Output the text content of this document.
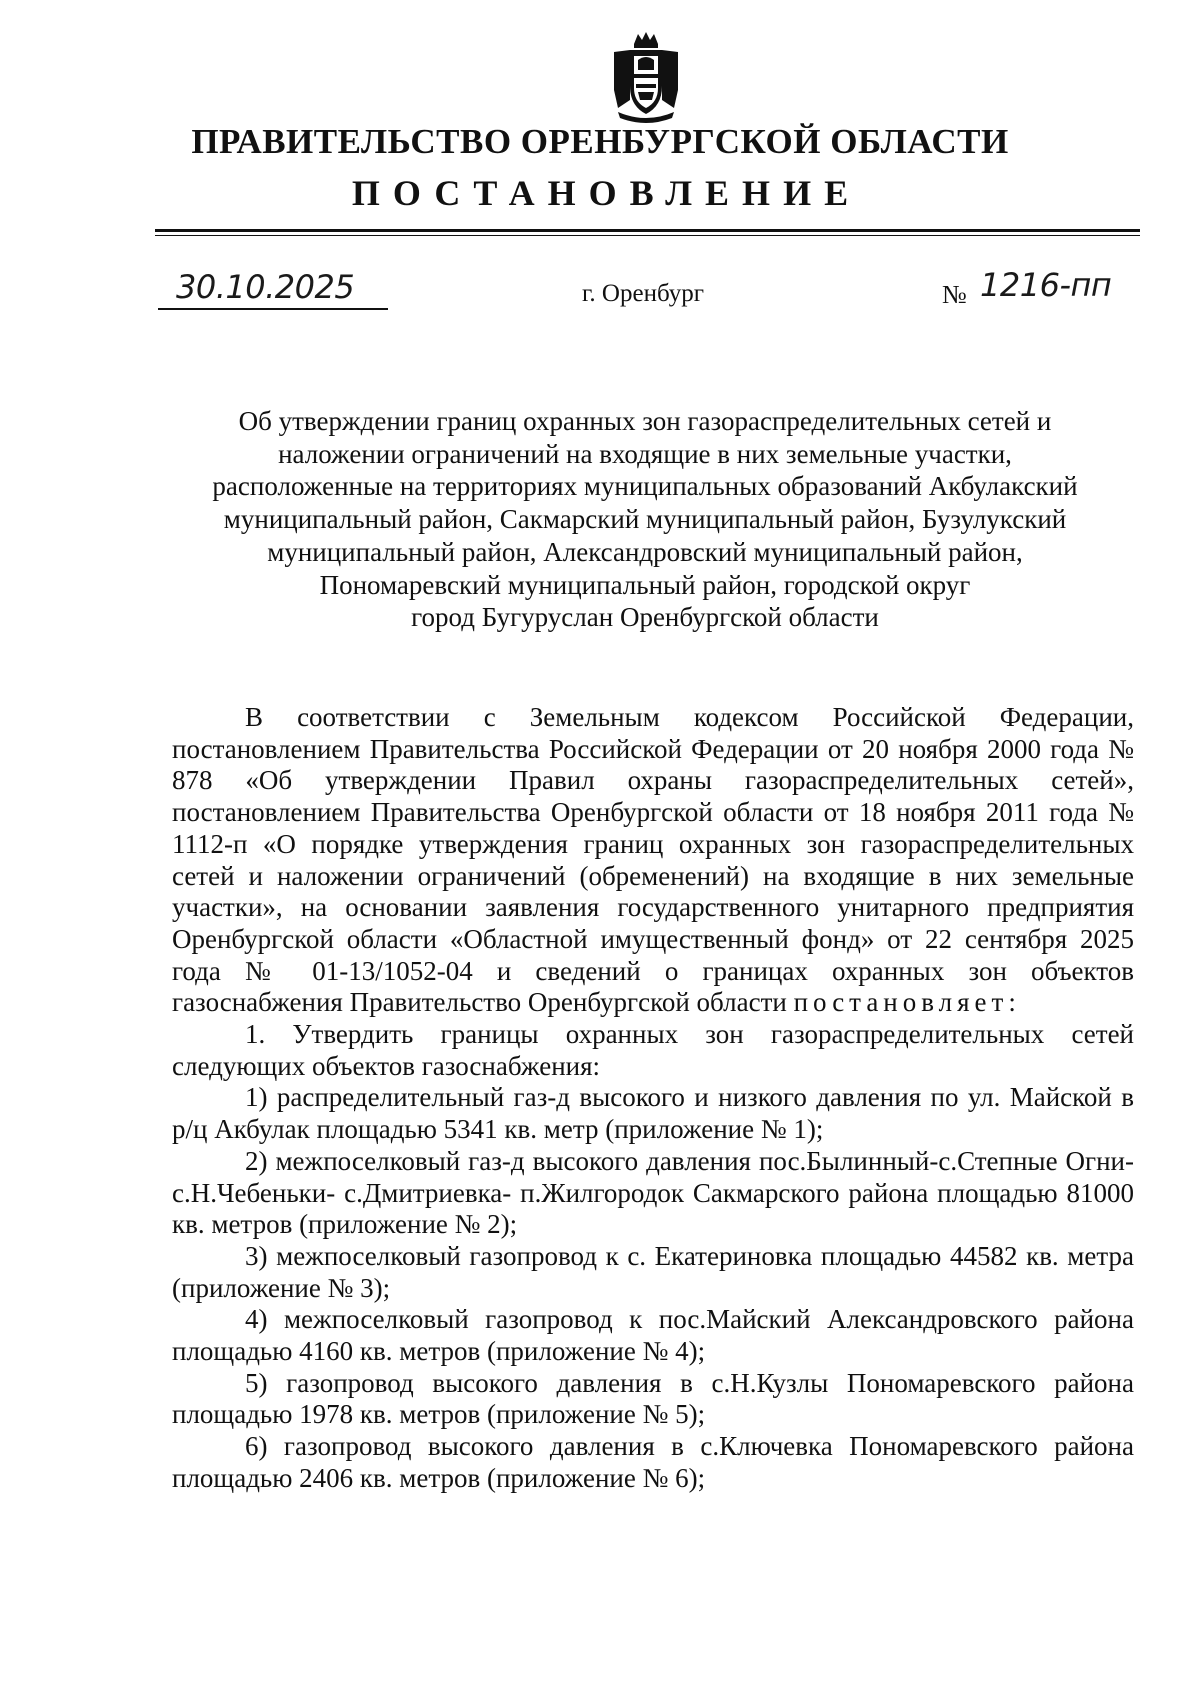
ПРАВИТЕЛЬСТВО ОРЕНБУРГСКОЙ ОБЛАСТИ
ПОСТАНОВЛЕНИЕ
30.10.2025	г. Оренбург	№ 1216-пп
Об утверждении границ охранных зон газораспределительных сетей и
наложении ограничений на входящие в них земельные участки,
расположенные на территориях муниципальных образований Акбулакский
муниципальный район, Сакмарский муниципальный район, Бузулукский
муниципальный район, Александровский муниципальный район,
Пономаревский муниципальный район, городской округ
город Бугуруслан Оренбургской области

В соответствии с Земельным кодексом Российской Федерации, постановлением Правительства Российской Федерации от 20 ноября 2000 года № 878 «Об утверждении Правил охраны газораспределительных сетей», постановлением Правительства Оренбургской области от 18 ноября 2011 года № 1112-п «О порядке утверждения границ охранных зон газораспределительных сетей и наложении ограничений (обременений) на входящие в них земельные участки», на основании заявления государственного унитарного предприятия Оренбургской области «Областной имущественный фонд» от 22 сентября 2025 года № 01-13/1052-04 и сведений о границах охранных зон объектов газоснабжения Правительство Оренбургской области постановляет:

1. Утвердить границы охранных зон газораспределительных сетей следующих объектов газоснабжения:

1) распределительный газ-д высокого и низкого давления по ул. Майской в р/ц Акбулак площадью 5341 кв. метр (приложение № 1);

2) межпоселковый газ-д высокого давления пос.Былинный-с.Степные Огни- с.Н.Чебеньки- с.Дмитриевка- п.Жилгородок Сакмарского района площадью 81000 кв. метров (приложение № 2);

3) межпоселковый газопровод к с. Екатериновка площадью 44582 кв. метра (приложение № 3);

4) межпоселковый газопровод к пос.Майский Александровского района площадью 4160 кв. метров (приложение № 4);

5) газопровод высокого давления в с.Н.Кузлы Пономаревского района площадью 1978 кв. метров (приложение № 5);

6) газопровод высокого давления в с.Ключевка Пономаревского района площадью 2406 кв. метров (приложение № 6);
